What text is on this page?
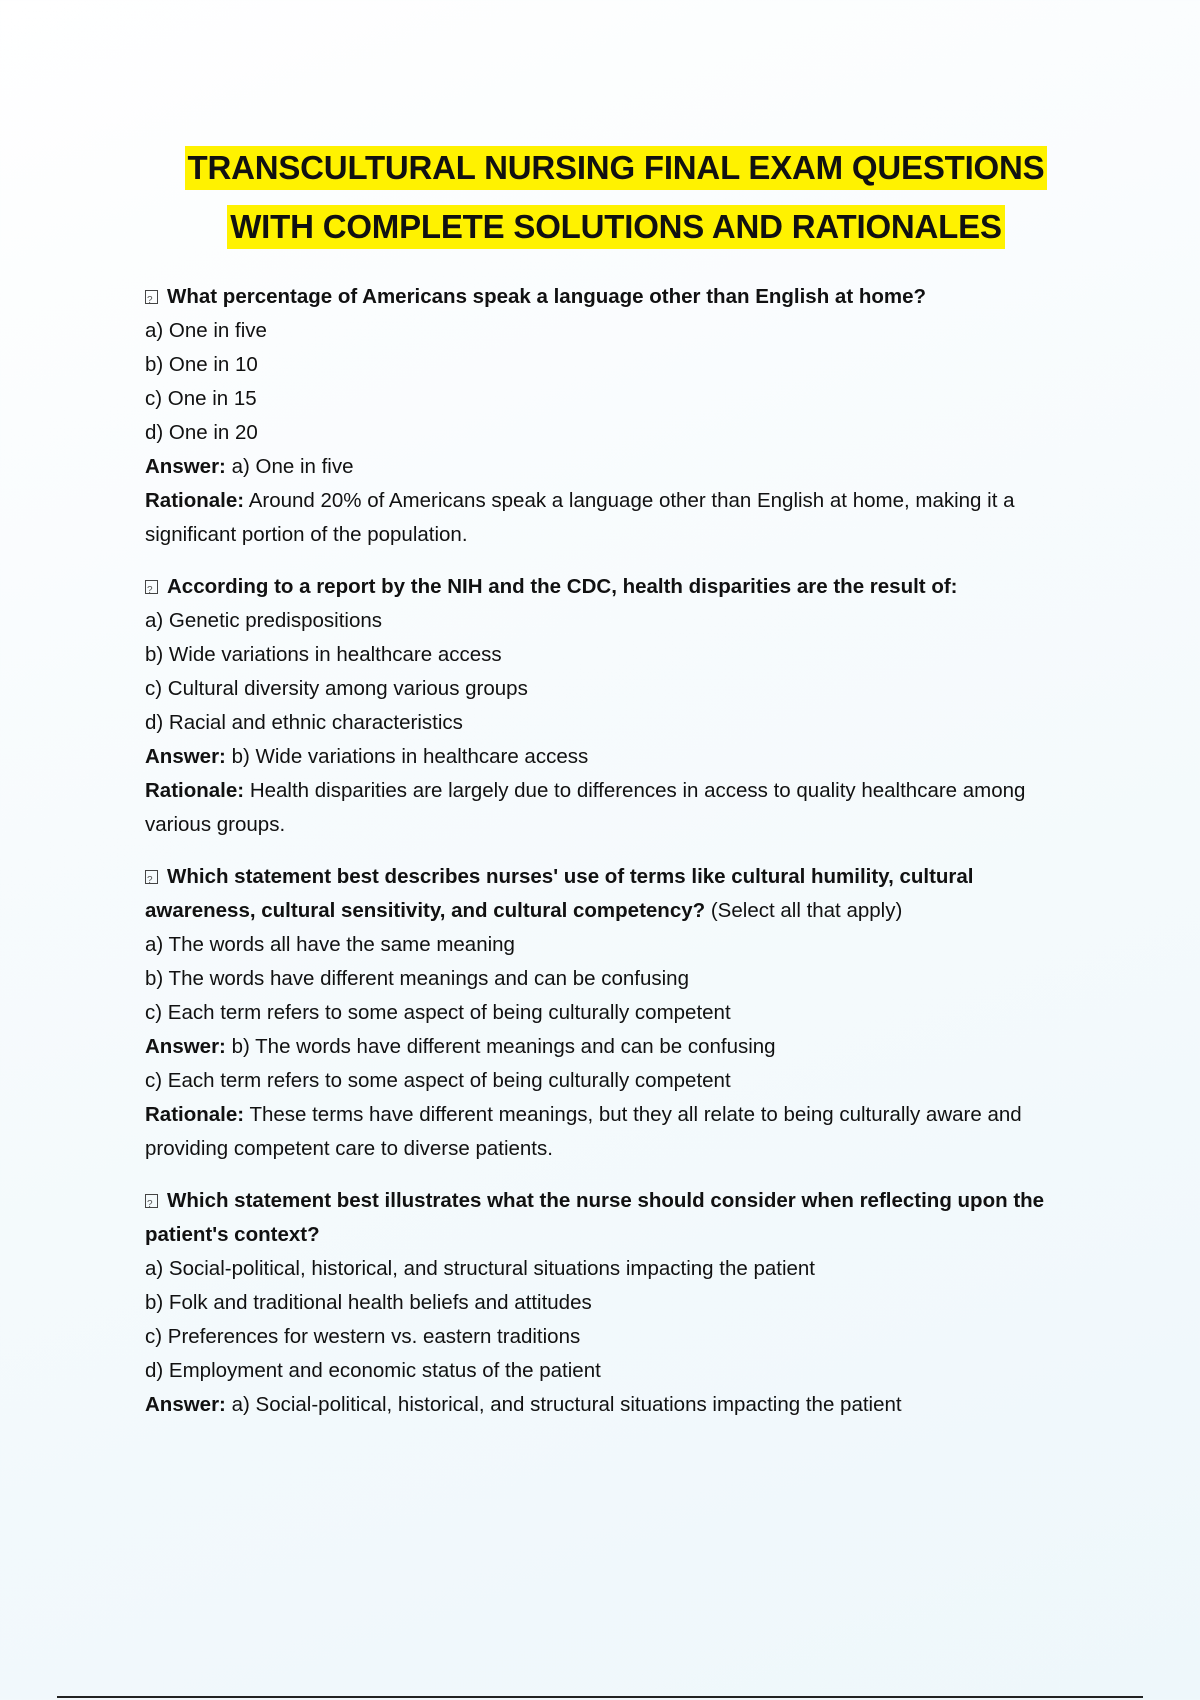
TRANSCULTURAL NURSING FINAL EXAM QUESTIONS
WITH COMPLETE SOLUTIONS AND RATIONALES
?What percentage of Americans speak a language other than English at home?
a) One in five
b) One in 10
c) One in 15
d) One in 20
Answer: a) One in five
Rationale: Around 20% of Americans speak a language other than English at home, making it a significant portion of the population.
?According to a report by the NIH and the CDC, health disparities are the result of:
a) Genetic predispositions
b) Wide variations in healthcare access
c) Cultural diversity among various groups
d) Racial and ethnic characteristics
Answer: b) Wide variations in healthcare access
Rationale: Health disparities are largely due to differences in access to quality healthcare among various groups.
?Which statement best describes nurses' use of terms like cultural humility, cultural awareness, cultural sensitivity, and cultural competency? (Select all that apply)
a) The words all have the same meaning
b) The words have different meanings and can be confusing
c) Each term refers to some aspect of being culturally competent
Answer: b) The words have different meanings and can be confusing
c) Each term refers to some aspect of being culturally competent
Rationale: These terms have different meanings, but they all relate to being culturally aware and providing competent care to diverse patients.
?Which statement best illustrates what the nurse should consider when reflecting upon the patient's context?
a) Social-political, historical, and structural situations impacting the patient
b) Folk and traditional health beliefs and attitudes
c) Preferences for western vs. eastern traditions
d) Employment and economic status of the patient
Answer: a) Social-political, historical, and structural situations impacting the patient
